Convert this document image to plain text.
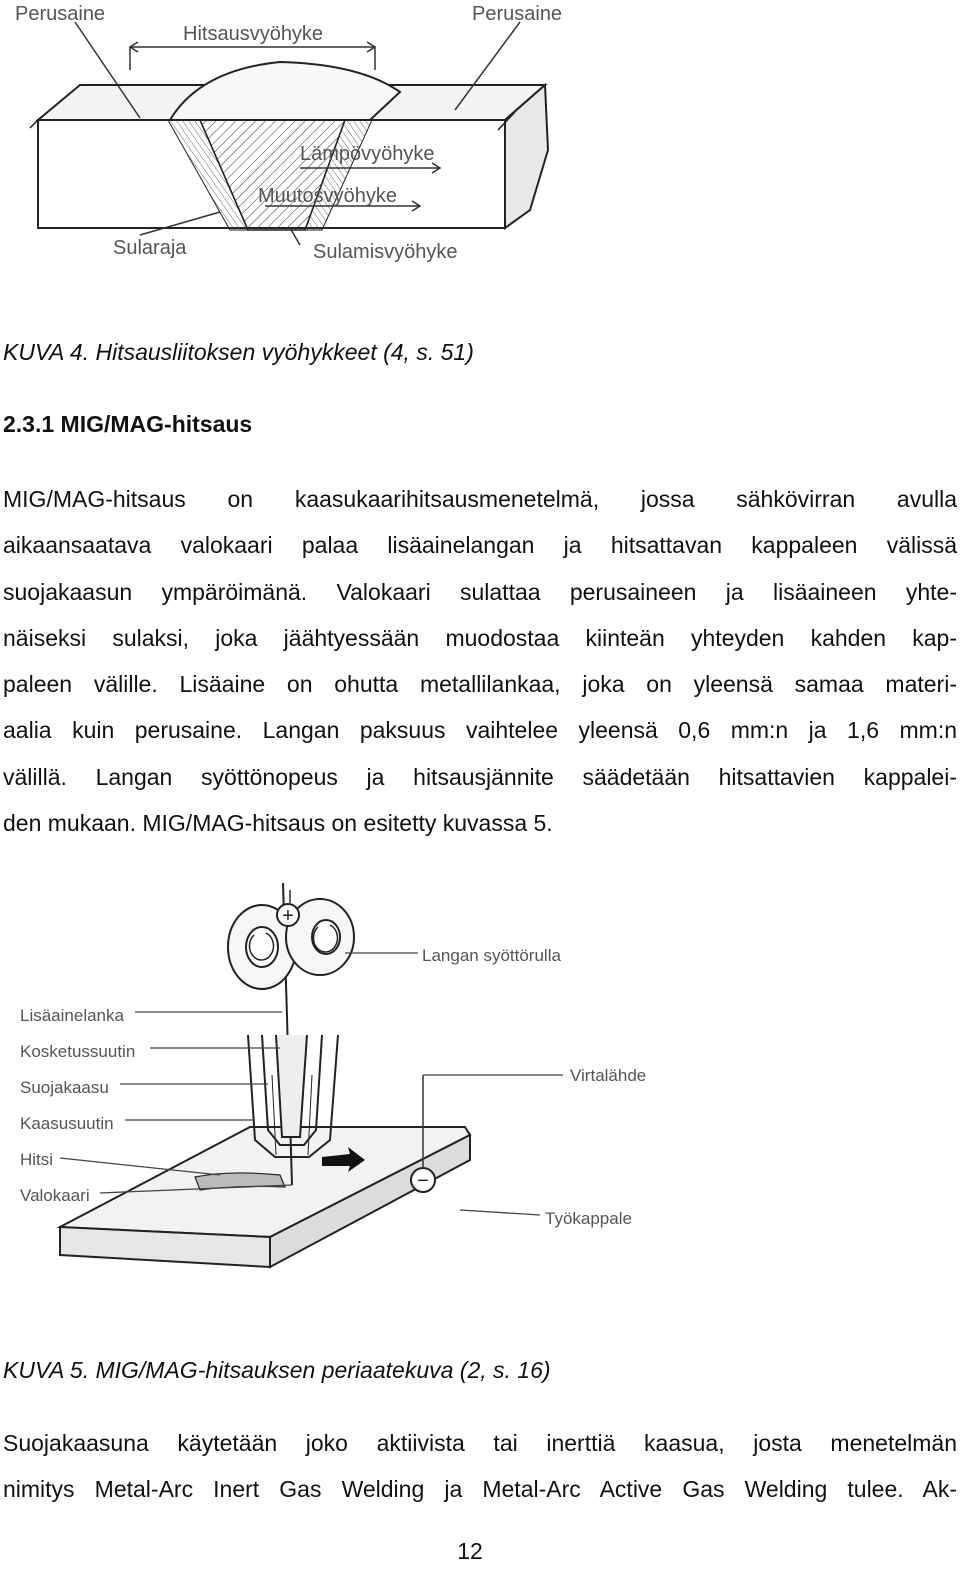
Perusaine	Perusaine
Hitsausvyöhyke
Lämpövyöhyke
Muutosvyöhyke
Sularaja	Sulamisvyöhyke

KUVA 4. Hitsausliitoksen vyöhykkeet (4, s. 51)

2.3.1 MIG/MAG-hitsaus
MIG/MAG-hitsaus on kaasukaarihitsausmenetelmä, jossa sähkövirran avulla
aikaansaatava valokaari palaa lisäainelangan ja hitsattavan kappaleen välissä
suojakaasun ympäröimänä. Valokaari sulattaa perusaineen ja lisäaineen yhte-
näiseksi sulaksi, joka jäähtyessään muodostaa kiinteän yhteyden kahden kap-
paleen välille. Lisäaine on ohutta metallilankaa, joka on yleensä samaa materi-
aalia kuin perusaine. Langan paksuus vaihtelee yleensä 0,6 mm:n ja 1,6 mm:n
välillä. Langan syöttönopeus ja hitsausjännite säädetään hitsattavien kappalei-
den mukaan. MIG/MAG-hitsaus on esitetty kuvassa 5.
+
−
Langan syöttörulla
Lisäainelanka
Kosketussuutin
Suojakaasu
Kaasusuutin
Hitsi
Valokaari
Virtalähde
Työkappale

KUVA 5. MIG/MAG-hitsauksen periaatekuva (2, s. 16)

Suojakaasuna käytetään joko aktiivista tai inerttiä kaasua, josta menetelmän
nimitys Metal-Arc Inert Gas Welding ja Metal-Arc Active Gas Welding tulee. Ak-
12
